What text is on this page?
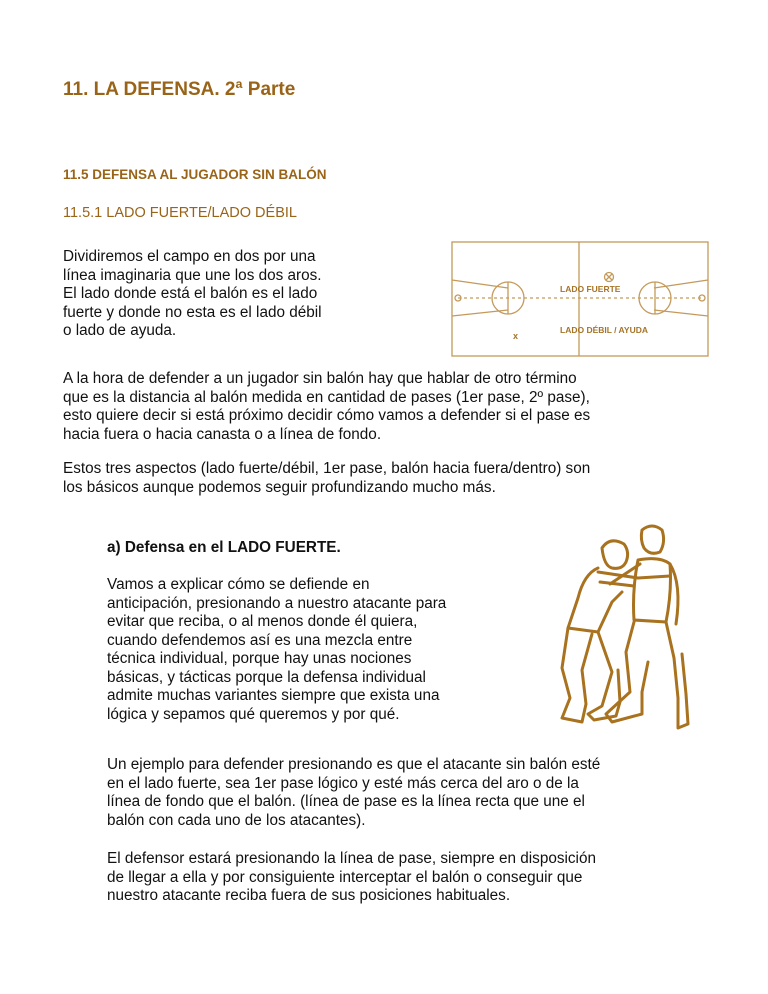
11. LA DEFENSA. 2ª Parte
11.5 DEFENSA AL JUGADOR SIN BALÓN
11.5.1 LADO FUERTE/LADO DÉBIL
Dividiremos el campo en dos por una
línea imaginaria que une los dos aros.
El lado donde está el balón es el lado
fuerte y donde no esta es el lado débil
o lado de ayuda.
LADO FUERTE
LADO DÉBIL / AYUDA
x
A la hora de defender a un jugador sin balón hay que hablar de otro término
que es la distancia al balón medida en cantidad de pases (1er pase, 2º pase),
esto quiere decir si está próximo decidir cómo vamos a defender si el pase es
hacia fuera o hacia canasta o a línea de fondo.
Estos tres aspectos (lado fuerte/débil, 1er pase, balón hacia fuera/dentro) son
los básicos aunque podemos seguir profundizando mucho más.
a) Defensa en el LADO FUERTE.
Vamos a explicar cómo se defiende en
anticipación, presionando a nuestro atacante para
evitar que reciba, o al menos donde él quiera,
cuando defendemos así es una mezcla entre
técnica individual, porque hay unas nociones
básicas, y tácticas porque la defensa individual
admite muchas variantes siempre que exista una
lógica y sepamos qué queremos y por qué.
Un ejemplo para defender presionando es que el atacante sin balón esté
en el lado fuerte, sea 1er pase lógico y esté más cerca del aro o de la
línea de fondo que el balón. (línea de pase es la línea recta que une el
balón con cada uno de los atacantes).
El defensor estará presionando la línea de pase, siempre en disposición
de llegar a ella y por consiguiente interceptar el balón o conseguir que
nuestro atacante reciba fuera de sus posiciones habituales.
